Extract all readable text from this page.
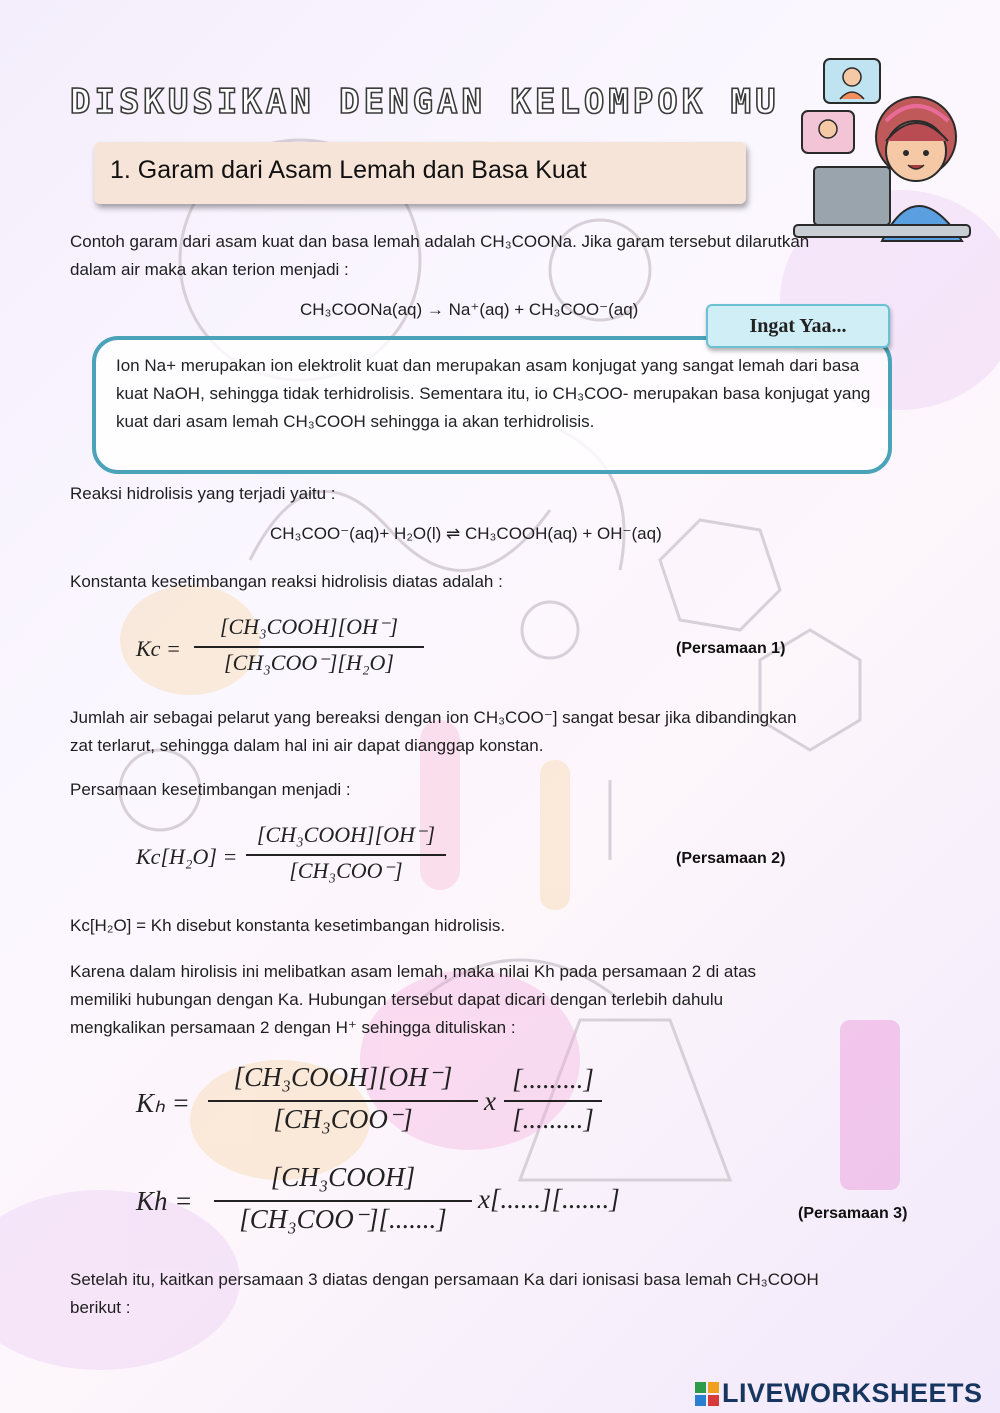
DISKUSIKAN DENGAN KELOMPOK MU
1. Garam dari Asam Lemah dan Basa Kuat
Contoh garam dari asam kuat dan basa lemah adalah CH₃COONa. Jika garam tersebut dilarutkan
dalam air maka akan terion menjadi :
CH₃COONa(aq) → Na⁺(aq) + CH₃COO⁻(aq)

Ion Na+ merupakan ion elektrolit kuat dan merupakan asam konjugat yang sangat lemah dari basa kuat NaOH, sehingga tidak terhidrolisis. Sementara itu, io CH₃COO- merupakan basa konjugat yang kuat dari asam lemah CH₃COOH sehingga ia akan terhidrolisis.

Ingat Yaa...
Reaksi hidrolisis yang terjadi yaitu :
CH₃COO⁻(aq)+ H₂O(l) ⇌ CH₃COOH(aq) + OH⁻(aq)
Konstanta kesetimbangan reaksi hidrolisis diatas adalah :
Kc =
[CH₃COOH][OH⁻]
[CH₃COO⁻][H₂O]
(Persamaan 1)
Jumlah air sebagai pelarut yang bereaksi dengan ion CH₃COO⁻] sangat besar jika dibandingkan
zat terlarut, sehingga dalam hal ini air dapat dianggap konstan.
Persamaan kesetimbangan menjadi :
Kc[H₂O] =
[CH₃COOH][OH⁻]
[CH₃COO⁻]	(Persamaan 2)
Kc[H₂O] = Kh disebut konstanta kesetimbangan hidrolisis.
Karena dalam hirolisis ini melibatkan asam lemah, maka nilai Kh pada persamaan 2 di atas
memiliki hubungan dengan Ka. Hubungan tersebut dapat dicari dengan terlebih dahulu
mengkalikan persamaan 2 dengan H⁺ sehingga dituliskan :
Kₕ =
[CH₃COOH][OH⁻]
[CH₃COO⁻]
x
[.........]
[.........]
Kh =
[CH₃COOH]
[CH₃COO⁻][.......]
x[......][.......]	(Persamaan 3)
Setelah itu, kaitkan persamaan 3 diatas dengan persamaan Ka dari ionisasi basa lemah CH₃COOH
berikut :
LIVEWORKSHEETS
